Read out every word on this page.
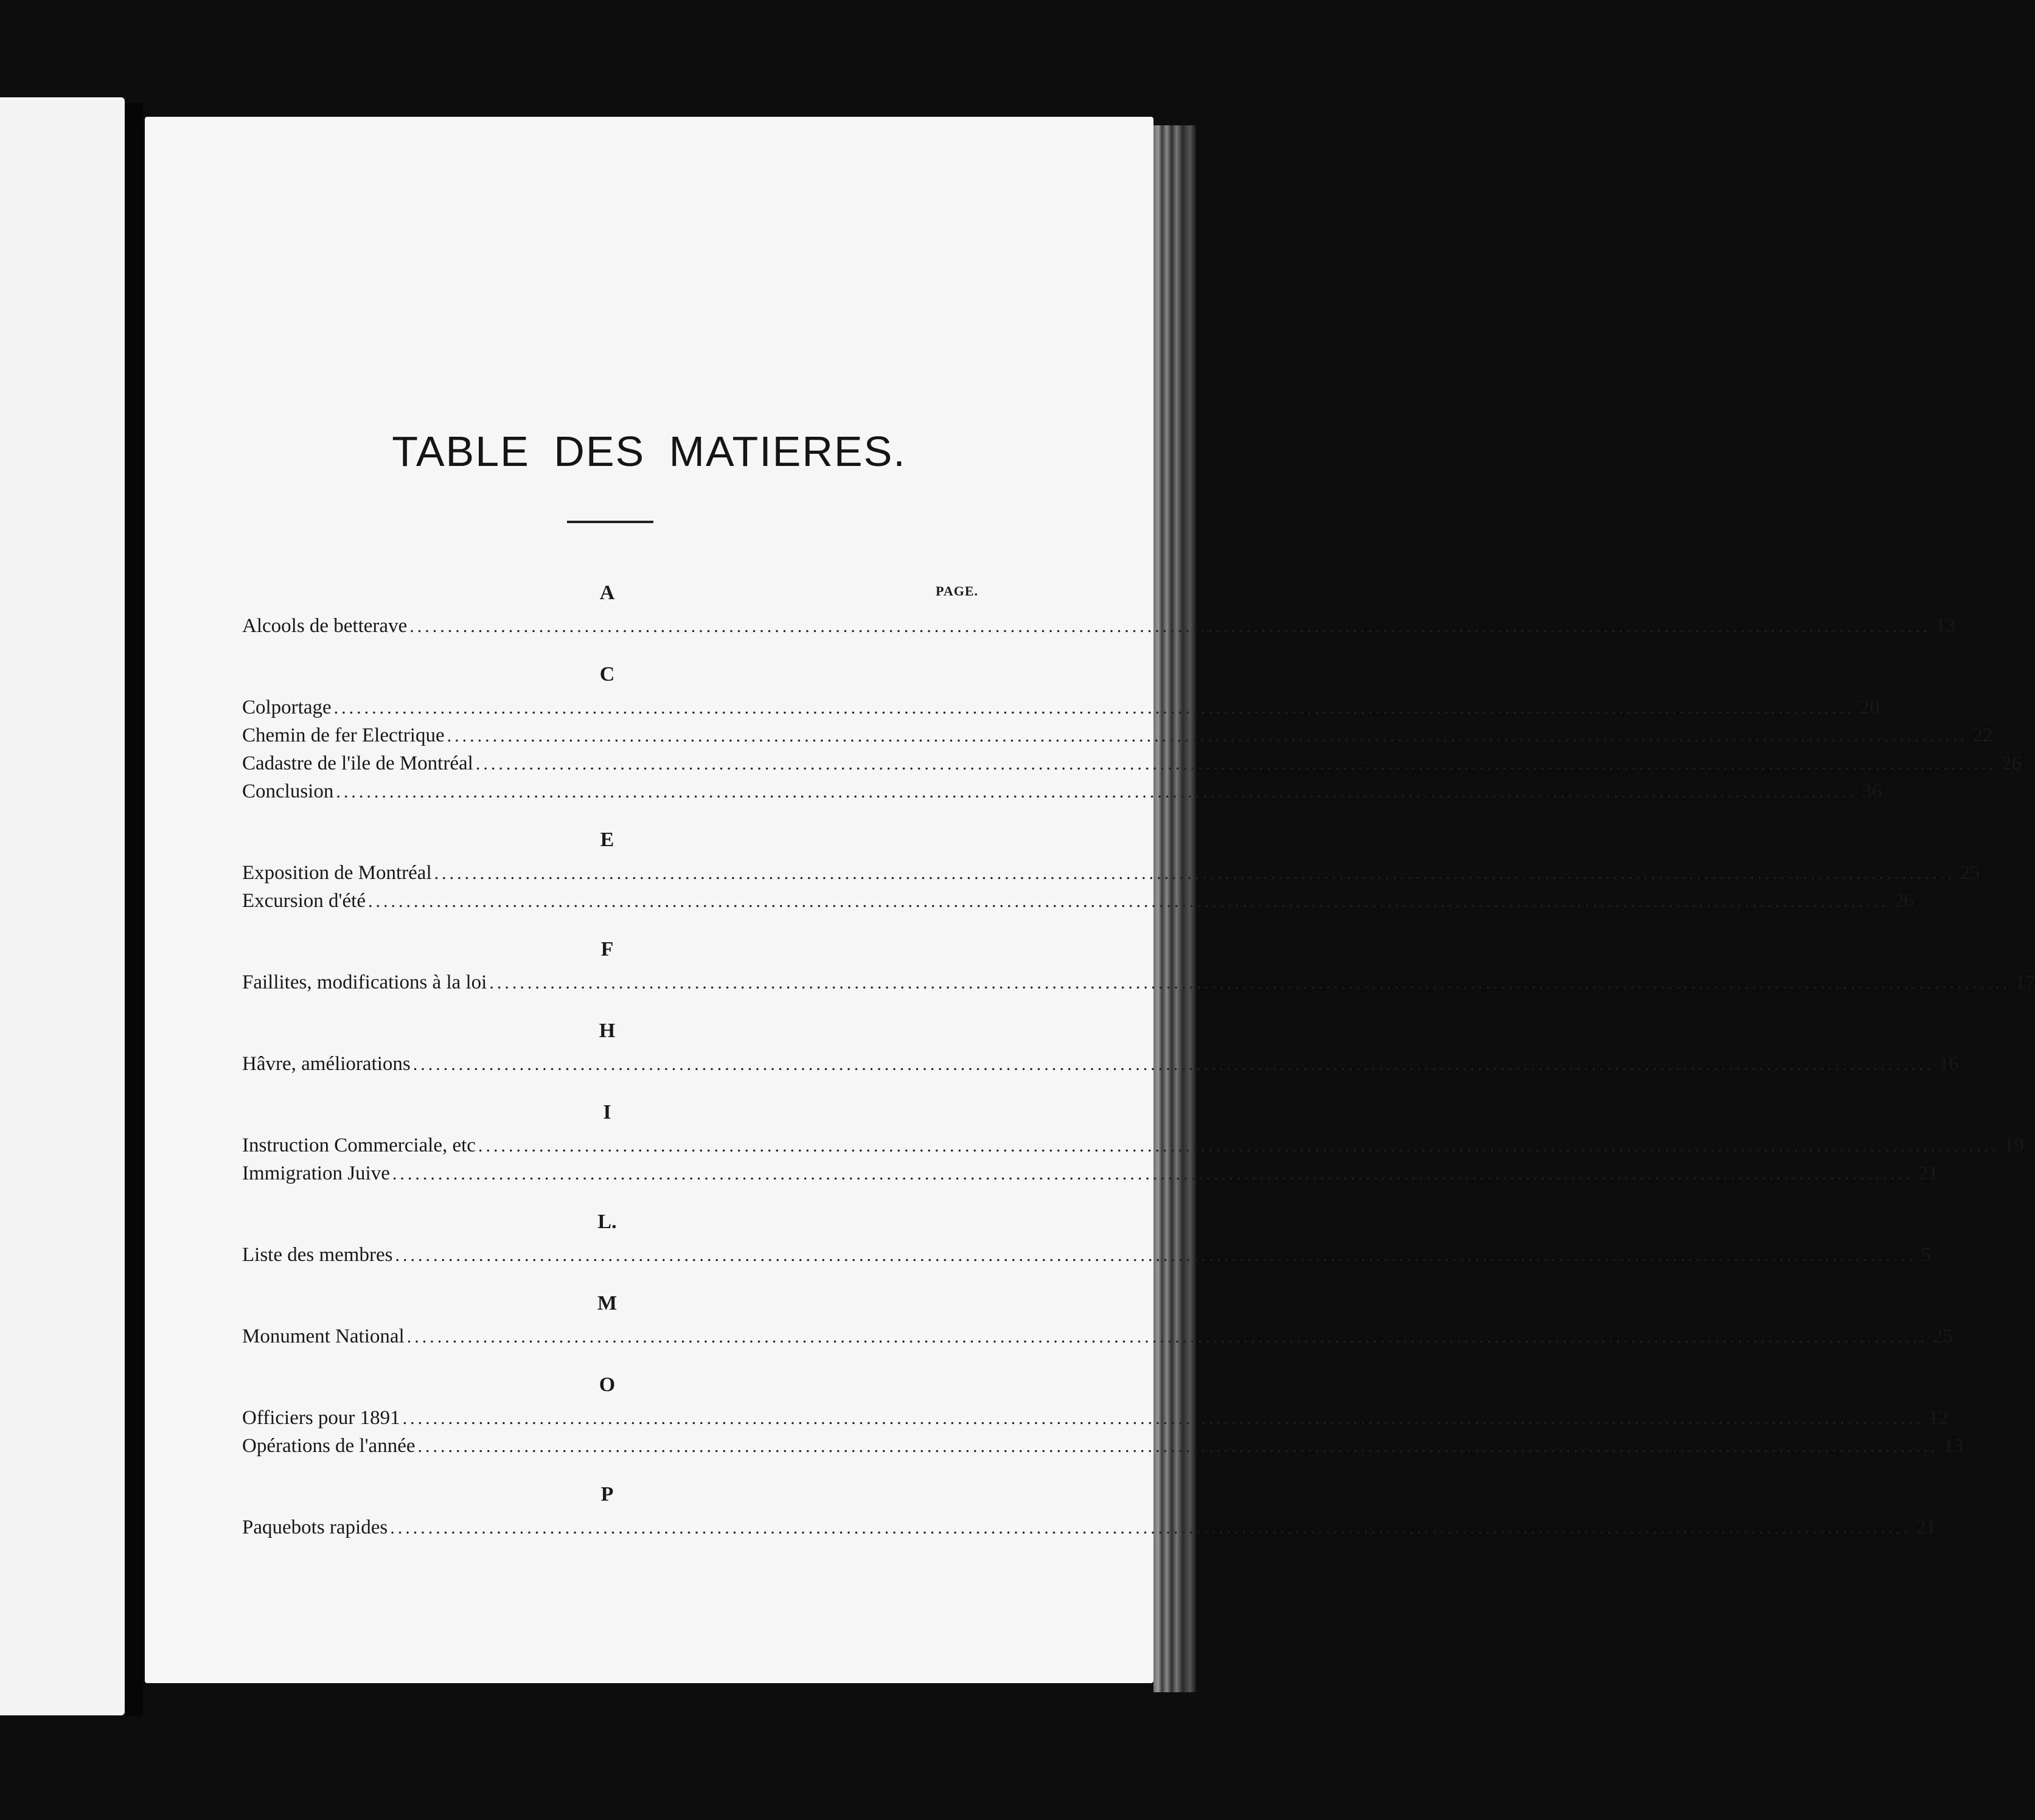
TABLE DES MATIERES.
PAGE.
A
Alcools de betterave ........................................................................................................................................................................................................ 13
C
Colportage ........................................................................................................................................................................................................ 20
Chemin de fer Electrique ........................................................................................................................................................................................................ 22
Cadastre de l'ile de Montréal ........................................................................................................................................................................................................ 26
Conclusion ........................................................................................................................................................................................................ 36
E
Exposition de Montréal ........................................................................................................................................................................................................ 25
Excursion d'été ........................................................................................................................................................................................................ 26
F
Faillites, modifications à la loi ........................................................................................................................................................................................................ 17
H
Hâvre, améliorations ........................................................................................................................................................................................................ 16
I
Instruction Commerciale, etc ........................................................................................................................................................................................................ 19
Immigration Juive ........................................................................................................................................................................................................ 21
L.
Liste des membres ........................................................................................................................................................................................................ 5
M
Monument National ........................................................................................................................................................................................................ 25
O
Officiers pour 1891 ........................................................................................................................................................................................................ 12
Opérations de l'année ........................................................................................................................................................................................................ 13
P
Paquebots rapides ........................................................................................................................................................................................................ 21
